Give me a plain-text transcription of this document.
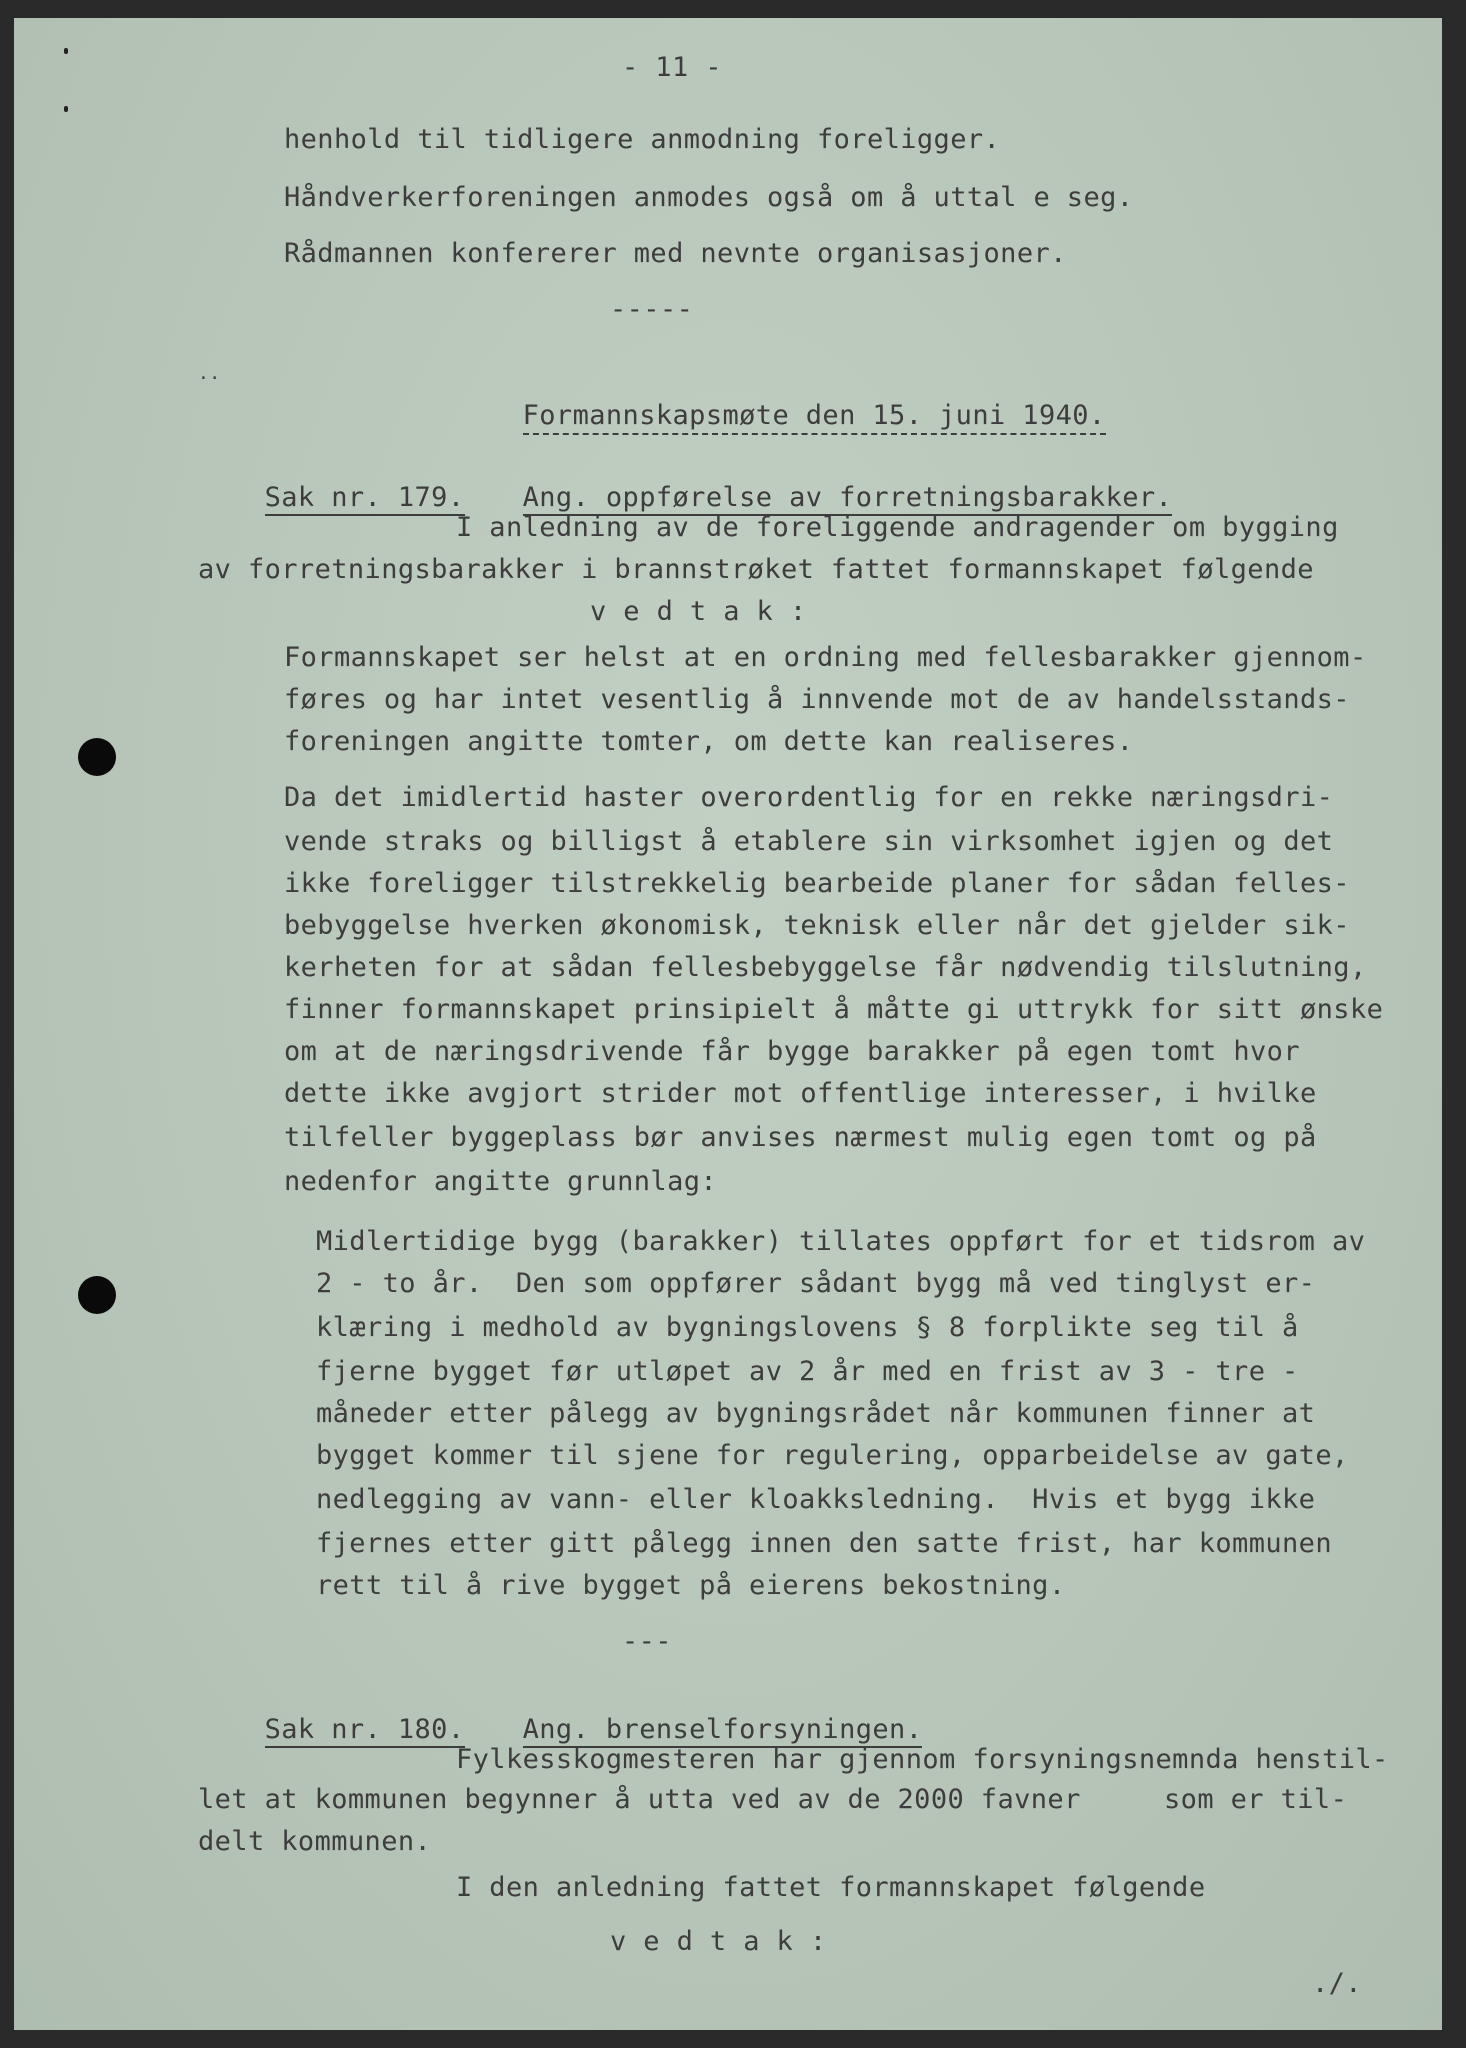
- 11 -

henhold til tidligere anmodning foreligger.

Håndverkerforeningen anmodes også om å uttal e seg.

Rådmannen konfererer med nevnte organisasjoner.

-----

..

Formannskapsmøte den 15. juni 1940.

Sak nr. 179.

	Ang. oppførelse av forretningsbarakker.

I anledning av de foreliggende andragender om bygging

av forretningsbarakker i brannstrøket fattet formannskapet følgende

v e d t a k :

Formannskapet ser helst at en ordning med fellesbarakker gjennom-

føres og har intet vesentlig å innvende mot de av handelsstands-

foreningen angitte tomter, om dette kan realiseres.

Da det imidlertid haster overordentlig for en rekke næringsdri-

vende straks og billigst å etablere sin virksomhet igjen og det

ikke foreligger tilstrekkelig bearbeide planer for sådan felles-

bebyggelse hverken økonomisk, teknisk eller når det gjelder sik-

kerheten for at sådan fellesbebyggelse får nødvendig tilslutning,

finner formannskapet prinsipielt å måtte gi uttrykk for sitt ønske

om at de næringsdrivende får bygge barakker på egen tomt hvor

dette ikke avgjort strider mot offentlige interesser, i hvilke

tilfeller byggeplass bør anvises nærmest mulig egen tomt og på

nedenfor angitte grunnlag:

Midlertidige bygg (barakker) tillates oppført for et tidsrom av

2 - to år.  Den som oppfører sådant bygg må ved tinglyst er-

klæring i medhold av bygningslovens § 8 forplikte seg til å

fjerne bygget før utløpet av 2 år med en frist av 3 - tre -

måneder etter pålegg av bygningsrådet når kommunen finner at

bygget kommer til sjene for regulering, opparbeidelse av gate,

nedlegging av vann- eller kloakksledning.  Hvis et bygg ikke

fjernes etter gitt pålegg innen den satte frist, har kommunen

rett til å rive bygget på eierens bekostning.

---

Sak nr. 180.

	Ang. brenselforsyningen.

Fylkesskogmesteren har gjennom forsyningsnemnda henstil-

let at kommunen begynner å utta ved av de 2000 favner     som er til-

delt kommunen.

I den anledning fattet formannskapet følgende

v e d t a k :

./.
